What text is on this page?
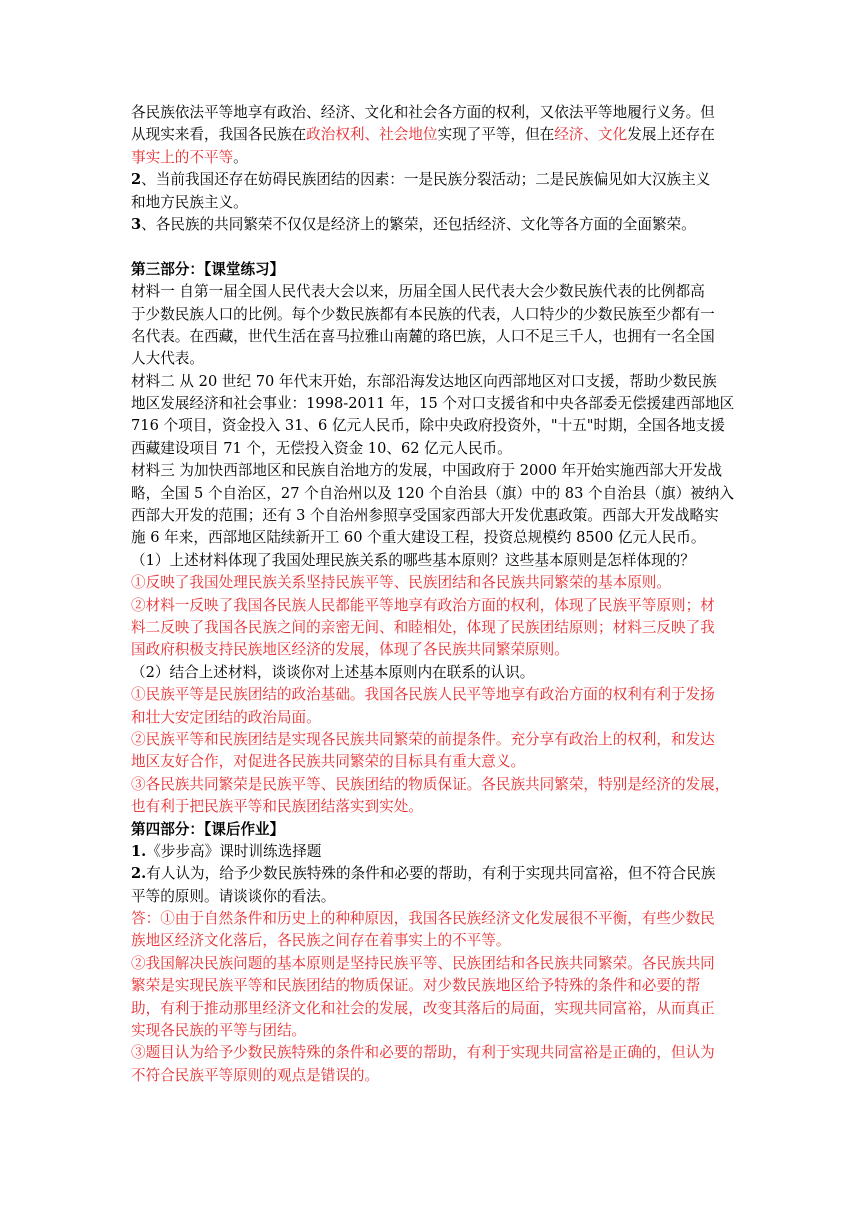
各民族依法平等地享有政治、经济、文化和社会各方面的权利，又依法平等地履行义务。但
从现实来看，我国各民族在政治权利、社会地位实现了平等，但在经济、文化发展上还存在
事实上的不平等。
2、当前我国还存在妨碍民族团结的因素：一是民族分裂活动；二是民族偏见如大汉族主义
和地方民族主义。
3、各民族的共同繁荣不仅仅是经济上的繁荣，还包括经济、文化等各方面的全面繁荣。
第三部分：【课堂练习】
材料一 自第一届全国人民代表大会以来，历届全国人民代表大会少数民族代表的比例都高
于少数民族人口的比例。每个少数民族都有本民族的代表，人口特少的少数民族至少都有一
名代表。在西藏，世代生活在喜马拉雅山南麓的珞巴族，人口不足三千人，也拥有一名全国
人大代表。
材料二 从 20 世纪 70 年代末开始，东部沿海发达地区向西部地区对口支援，帮助少数民族
地区发展经济和社会事业：1998-2011 年，15 个对口支援省和中央各部委无偿援建西部地区
716 个项目，资金投入 31、6 亿元人民币，除中央政府投资外，"十五"时期，全国各地支援
西藏建设项目 71 个，无偿投入资金 10、62 亿元人民币。
材料三 为加快西部地区和民族自治地方的发展，中国政府于 2000 年开始实施西部大开发战
略，全国 5 个自治区，27 个自治州以及 120 个自治县（旗）中的 83 个自治县（旗）被纳入
西部大开发的范围；还有 3 个自治州参照享受国家西部大开发优惠政策。西部大开发战略实
施 6 年来，西部地区陆续新开工 60 个重大建设工程，投资总规模约 8500 亿元人民币。
（1）上述材料体现了我国处理民族关系的哪些基本原则？这些基本原则是怎样体现的？
①反映了我国处理民族关系坚持民族平等、民族团结和各民族共同繁荣的基本原则。
②材料一反映了我国各民族人民都能平等地享有政治方面的权利，体现了民族平等原则；材
料二反映了我国各民族之间的亲密无间、和睦相处，体现了民族团结原则；材料三反映了我
国政府积极支持民族地区经济的发展，体现了各民族共同繁荣原则。
（2）结合上述材料，谈谈你对上述基本原则内在联系的认识。
①民族平等是民族团结的政治基础。我国各民族人民平等地享有政治方面的权利有利于发扬
和壮大安定团结的政治局面。
②民族平等和民族团结是实现各民族共同繁荣的前提条件。充分享有政治上的权利，和发达
地区友好合作，对促进各民族共同繁荣的目标具有重大意义。
③各民族共同繁荣是民族平等、民族团结的物质保证。各民族共同繁荣，特别是经济的发展，
也有利于把民族平等和民族团结落实到实处。
第四部分：【课后作业】
1.《步步高》课时训练选择题
2.有人认为，给予少数民族特殊的条件和必要的帮助，有利于实现共同富裕，但不符合民族
平等的原则。请谈谈你的看法。
答：①由于自然条件和历史上的种种原因，我国各民族经济文化发展很不平衡，有些少数民
族地区经济文化落后，各民族之间存在着事实上的不平等。
②我国解决民族问题的基本原则是坚持民族平等、民族团结和各民族共同繁荣。各民族共同
繁荣是实现民族平等和民族团结的物质保证。对少数民族地区给予特殊的条件和必要的帮
助，有利于推动那里经济文化和社会的发展，改变其落后的局面，实现共同富裕，从而真正
实现各民族的平等与团结。
③题目认为给予少数民族特殊的条件和必要的帮助，有利于实现共同富裕是正确的，但认为
不符合民族平等原则的观点是错误的。
